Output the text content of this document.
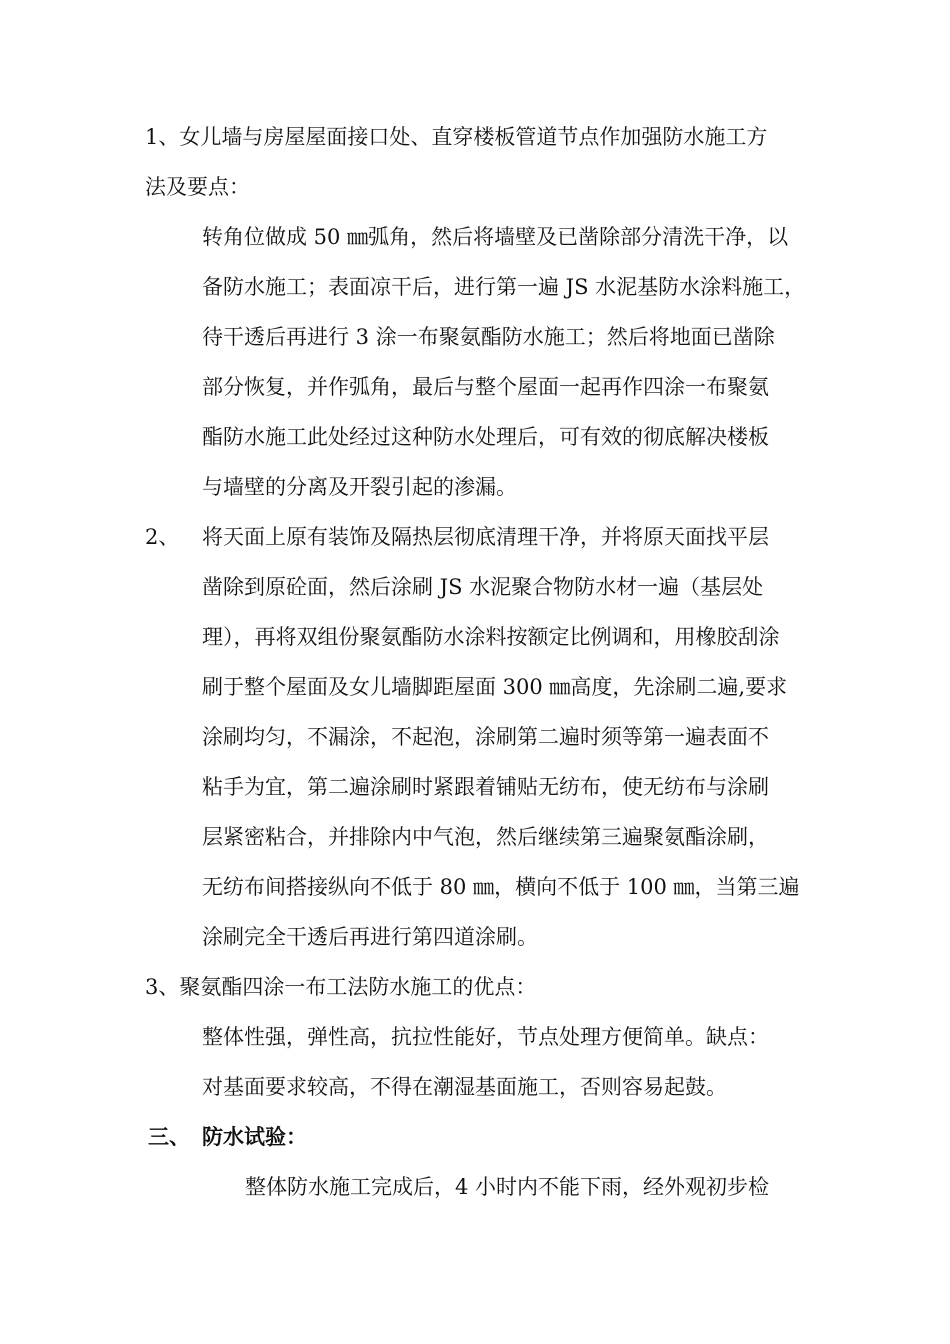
1、女儿墙与房屋屋面接口处、直穿楼板管道节点作加强防水施工方
法及要点：
转角位做成 50 ㎜弧角，然后将墙壁及已凿除部分清洗干净，以
备防水施工；表面凉干后，进行第一遍 JS 水泥基防水涂料施工，
待干透后再进行 3 涂一布聚氨酯防水施工；然后将地面已凿除
部分恢复，并作弧角，最后与整个屋面一起再作四涂一布聚氨
酯防水施工此处经过这种防水处理后，可有效的彻底解决楼板
与墙壁的分离及开裂引起的渗漏。
2、 将天面上原有装饰及隔热层彻底清理干净，并将原天面找平层
凿除到原砼面，然后涂刷 JS 水泥聚合物防水材一遍（基层处
理），再将双组份聚氨酯防水涂料按额定比例调和，用橡胶刮涂
刷于整个屋面及女儿墙脚距屋面 300 ㎜高度，先涂刷二遍,要求
涂刷均匀，不漏涂，不起泡，涂刷第二遍时须等第一遍表面不
粘手为宜，第二遍涂刷时紧跟着铺贴无纺布，使无纺布与涂刷
层紧密粘合，并排除内中气泡，然后继续第三遍聚氨酯涂刷，
无纺布间搭接纵向不低于 80 ㎜，横向不低于 100 ㎜，当第三遍
涂刷完全干透后再进行第四道涂刷。
3、聚氨酯四涂一布工法防水施工的优点：
整体性强，弹性高，抗拉性能好，节点处理方便简单。缺点：
对基面要求较高，不得在潮湿基面施工，否则容易起鼓。
三、 防水试验：
整体防水施工完成后，4 小时内不能下雨，经外观初步检
